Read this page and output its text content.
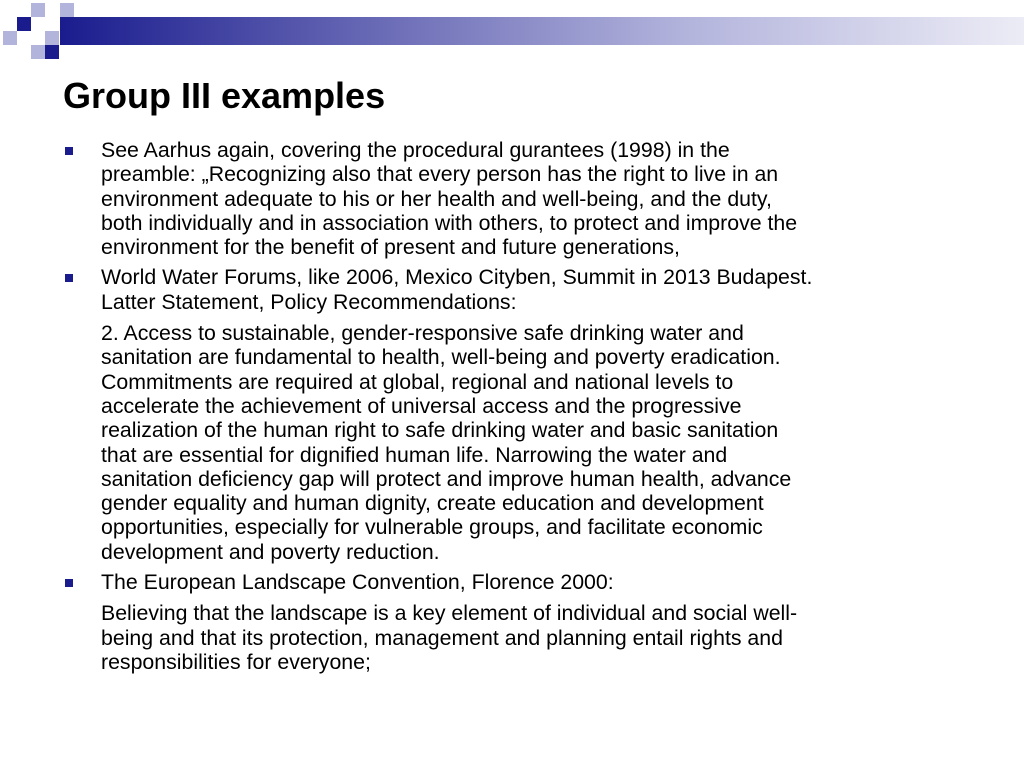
Group III examples
See Aarhus again, covering the procedural gurantees (1998) in the
preamble: „Recognizing also that every person has the right to live in an
environment adequate to his or her health and well-being, and the duty,
both individually and in association with others, to protect and improve the
environment for the benefit of present and future generations,
World Water Forums, like 2006, Mexico Cityben, Summit in 2013 Budapest.
Latter Statement, Policy Recommendations:
2. Access to sustainable, gender-responsive safe drinking water and
sanitation are fundamental to health, well-being and poverty eradication.
Commitments are required at global, regional and national levels to
accelerate the achievement of universal access and the progressive
realization of the human right to safe drinking water and basic sanitation
that are essential for dignified human life. Narrowing the water and
sanitation deficiency gap will protect and improve human health, advance
gender equality and human dignity, create education and development
opportunities, especially for vulnerable groups, and facilitate economic
development and poverty reduction.
The European Landscape Convention, Florence 2000:
Believing that the landscape is a key element of individual and social well-
being and that its protection, management and planning entail rights and
responsibilities for everyone;
